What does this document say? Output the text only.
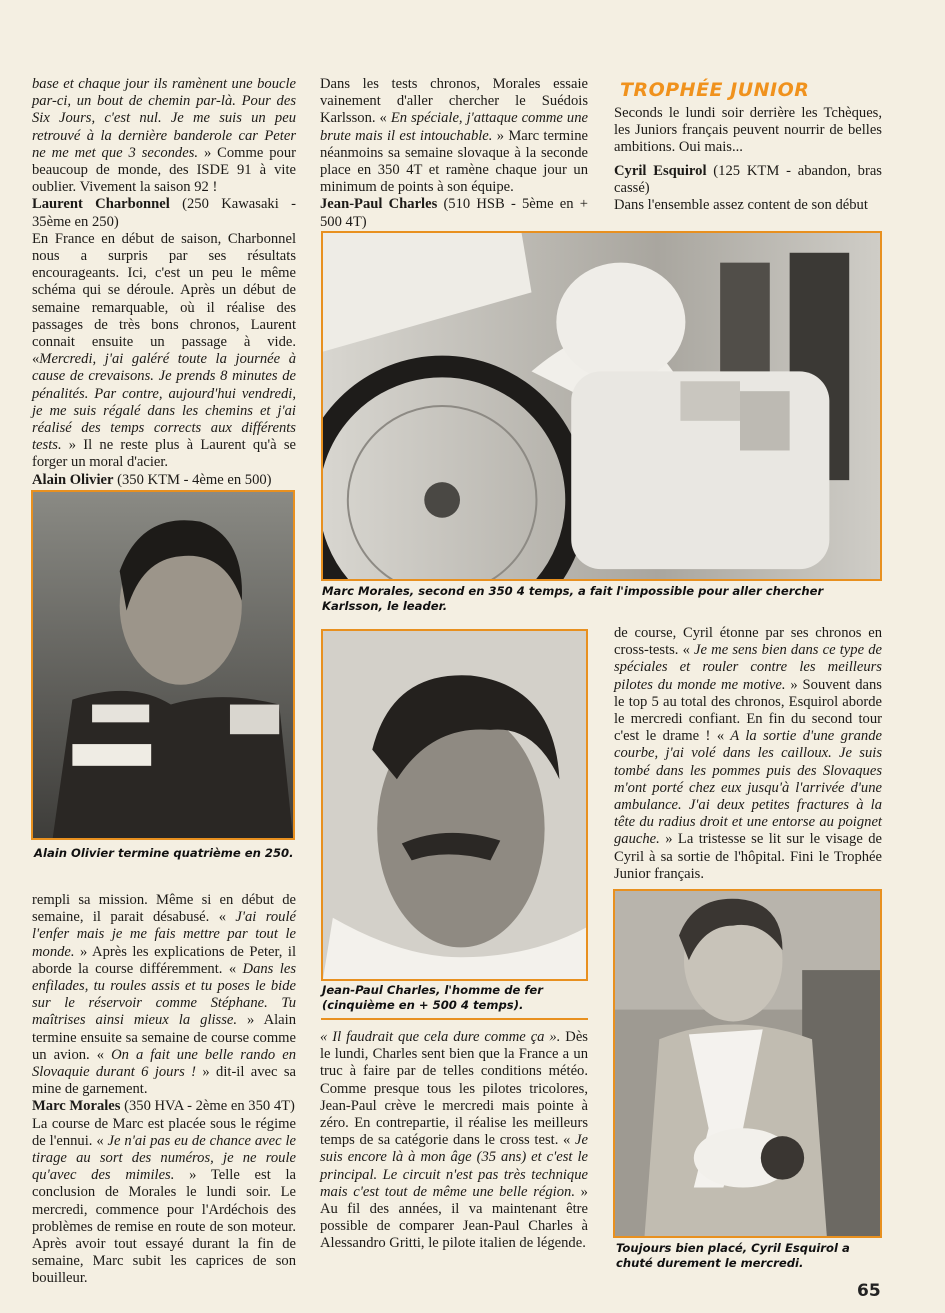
base et chaque jour ils ramènent une boucle par-ci, un bout de chemin par-là. Pour des Six Jours, c'est nul. Je me suis un peu retrouvé à la dernière banderole car Peter ne me met que 3 secondes. » Comme pour beaucoup de monde, des ISDE 91 à vite oublier. Vivement la saison 92 !

Laurent Charbonnel (250 Kawasaki - 35ème en 250)

En France en début de saison, Charbonnel nous a surpris par ses résultats encourageants. Ici, c'est un peu le même schéma qui se déroule. Après un début de semaine remarquable, où il réalise des passages de très bons chronos, Laurent connait ensuite un passage à vide. «Mercredi, j'ai galéré toute la journée à cause de crevaisons. Je prends 8 minutes de pénalités. Par contre, aujourd'hui vendredi, je me suis régalé dans les chemins et j'ai réalisé des temps corrects aux différents tests. » Il ne reste plus à Laurent qu'à se forger un moral d'acier.

Alain Olivier (350 KTM - 4ème en 500)

Alain Olivier termine quatrième en 250.

rempli sa mission. Même si en début de semaine, il parait désabusé. « J'ai roulé l'enfer mais je me fais mettre par tout le monde. » Après les explications de Peter, il aborde la course différemment. « Dans les enfilades, tu roules assis et tu poses le bide sur le réservoir comme Stéphane. Tu maîtrises ainsi mieux la glisse. » Alain termine ensuite sa semaine de course comme un avion. « On a fait une belle rando en Slovaquie durant 6 jours ! » dit-il avec sa mine de garnement.

Marc Morales (350 HVA - 2ème en 350 4T)

La course de Marc est placée sous le régime de l'ennui. « Je n'ai pas eu de chance avec le tirage au sort des numéros, je ne roule qu'avec des mimiles. » Telle est la conclusion de Morales le lundi soir. Le mercredi, commence pour l'Ardéchois des problèmes de remise en route de son moteur. Après avoir tout essayé durant la fin de semaine, Marc subit les caprices de son bouilleur.

Dans les tests chronos, Morales essaie vainement d'aller chercher le Suédois Karlsson. « En spéciale, j'attaque comme une brute mais il est intouchable. » Marc termine néanmoins sa semaine slovaque à la seconde place en 350 4T et ramène chaque jour un minimum de points à son équipe.

Jean-Paul Charles (510 HSB - 5ème en + 500 4T)

TROPHÉE JUNIOR

Seconds le lundi soir derrière les Tchèques, les Juniors français peuvent nourrir de belles ambitions. Oui mais...

Cyril Esquirol (125 KTM - abandon, bras cassé)

Dans l'ensemble assez content de son début

Marc Morales, second en 350 4 temps, a fait l'impossible pour aller chercher Karlsson, le leader.
Jean-Paul Charles, l'homme de fer (cinquième en + 500 4 temps).

« Il faudrait que cela dure comme ça ». Dès le lundi, Charles sent bien que la France a un truc à faire par de telles conditions météo. Comme presque tous les pilotes tricolores, Jean-Paul crève le mercredi mais pointe à zéro. En contrepartie, il réalise les meilleurs temps de sa catégorie dans le cross test. « Je suis encore là à mon âge (35 ans) et c'est le principal. Le circuit n'est pas très technique mais c'est tout de même une belle région. » Au fil des années, il va maintenant être possible de comparer Jean-Paul Charles à Alessandro Gritti, le pilote italien de légende.

de course, Cyril étonne par ses chronos en cross-tests. « Je me sens bien dans ce type de spéciales et rouler contre les meilleurs pilotes du monde me motive. » Souvent dans le top 5 au total des chronos, Esquirol aborde le mercredi confiant. En fin du second tour c'est le drame ! « A la sortie d'une grande courbe, j'ai volé dans les cailloux. Je suis tombé dans les pommes puis des Slovaques m'ont porté chez eux jusqu'à l'arrivée d'une ambulance. J'ai deux petites fractures à la tête du radius droit et une entorse au poignet gauche. » La tristesse se lit sur le visage de Cyril à sa sortie de l'hôpital. Fini le Trophée Junior français.

Toujours bien placé, Cyril Esquirol a chuté durement le mercredi.
65
